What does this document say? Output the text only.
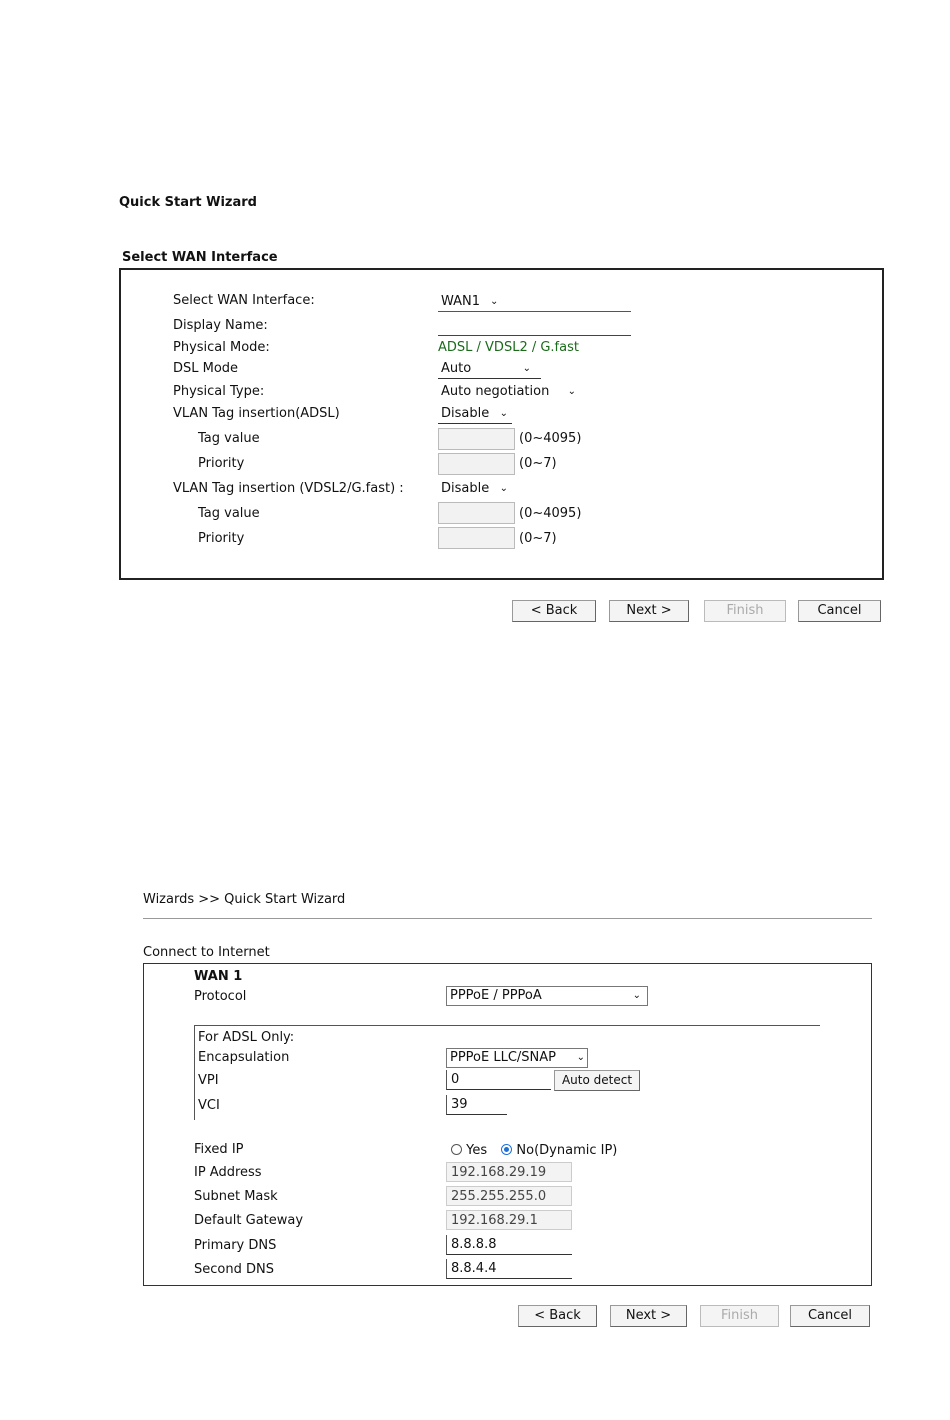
Quick Start Wizard
Select WAN Interface
Select WAN Interface:	WAN1 ⌄
Display Name:
Physical Mode:	ADSL / VDSL2 / G.fast
DSL Mode	Auto	⌄
Physical Type:	Auto negotiation ⌄
VLAN Tag insertion(ADSL)	Disable ⌄
Tag value	(0~4095)
Priority	(0~7)
VLAN Tag insertion (VDSL2/G.fast) :	Disable ⌄
Tag value	(0~4095)
Priority	(0~7)
< Back	Next >	Finish	Cancel
Wizards >> Quick Start Wizard
Connect to Internet
WAN 1
Protocol	PPPoE / PPPoA	⌄
For ADSL Only:
Encapsulation	PPPoE LLC/SNAP ⌄
VPI	0	Auto detect
VCI	39
Fixed IP	Yes No(Dynamic IP)
IP Address	192.168.29.19
Subnet Mask	255.255.255.0
Default Gateway	192.168.29.1
Primary DNS	8.8.8.8
Second DNS	8.8.4.4
< Back	Next >	Finish	Cancel
